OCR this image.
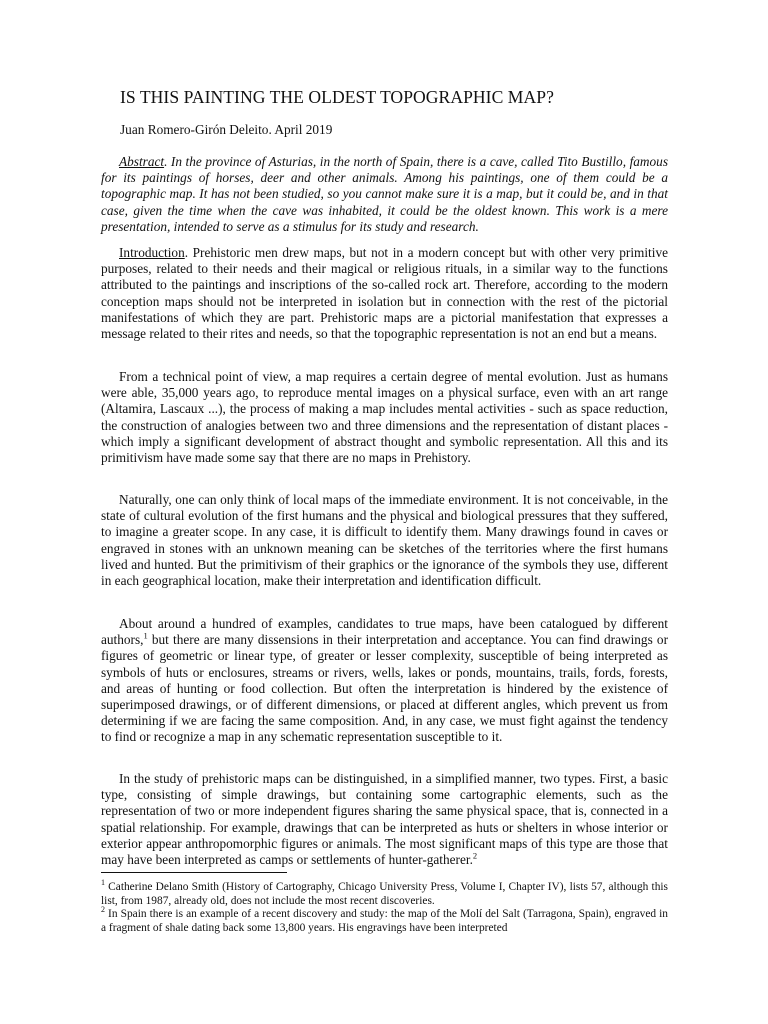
IS THIS PAINTING THE OLDEST TOPOGRAPHIC MAP?
Juan Romero-Girón Deleito. April 2019

Abstract. In the province of Asturias, in the north of Spain, there is a cave, called Tito Bustillo, famous for its paintings of horses, deer and other animals. Among his paintings, one of them could be a topographic map. It has not been studied, so you cannot make sure it is a map, but it could be, and in that case, given the time when the cave was inhabited, it could be the oldest known. This work is a mere presentation, intended to serve as a stimulus for its study and research.

Introduction. Prehistoric men drew maps, but not in a modern concept but with other very primitive purposes, related to their needs and their magical or religious rituals, in a similar way to the functions attributed to the paintings and inscriptions of the so-called rock art. Therefore, according to the modern conception maps should not be interpreted in isolation but in connection with the rest of the pictorial manifestations of which they are part. Prehistoric maps are a pictorial manifestation that expresses a message related to their rites and needs, so that the topographic representation is not an end but a means.

From a technical point of view, a map requires a certain degree of mental evolution. Just as humans were able, 35,000 years ago, to reproduce mental images on a physical surface, even with an art range (Altamira, Lascaux ...), the process of making a map includes mental activities - such as space reduction, the construction of analogies between two and three dimensions and the representation of distant places - which imply a significant development of abstract thought and symbolic representation. All this and its primitivism have made some say that there are no maps in Prehistory.

Naturally, one can only think of local maps of the immediate environment. It is not conceivable, in the state of cultural evolution of the first humans and the physical and biological pressures that they suffered, to imagine a greater scope. In any case, it is difficult to identify them. Many drawings found in caves or engraved in stones with an unknown meaning can be sketches of the territories where the first humans lived and hunted. But the primitivism of their graphics or the ignorance of the symbols they use, different in each geographical location, make their interpretation and identification difficult.

About around a hundred of examples, candidates to true maps, have been catalogued by different authors,$^1$ but there are many dissensions in their interpretation and acceptance. You can find drawings or figures of geometric or linear type, of greater or lesser complexity, susceptible of being interpreted as symbols of huts or enclosures, streams or rivers, wells, lakes or ponds, mountains, trails, fords, forests, and areas of hunting or food collection. But often the interpretation is hindered by the existence of superimposed drawings, or of different dimensions, or placed at different angles, which prevent us from determining if we are facing the same composition. And, in any case, we must fight against the tendency to find or recognize a map in any schematic representation susceptible to it.

In the study of prehistoric maps can be distinguished, in a simplified manner, two types. First, a basic type, consisting of simple drawings, but containing some cartographic elements, such as the representation of two or more independent figures sharing the same physical space, that is, connected in a spatial relationship. For example, drawings that can be interpreted as huts or shelters in whose interior or exterior appear anthropomorphic figures or animals. The most significant maps of this type are those that may have been interpreted as camps or settlements of hunter-gatherer.$^2$

$^1$ Catherine Delano Smith (History of Cartography, Chicago University Press, Volume I, Chapter IV), lists 57, although this list, from 1987, already old, does not include the most recent discoveries.

$^2$ In Spain there is an example of a recent discovery and study: the map of the Molí del Salt (Tarragona, Spain), engraved in a fragment of shale dating back some 13,800 years. His engravings have been interpreted
